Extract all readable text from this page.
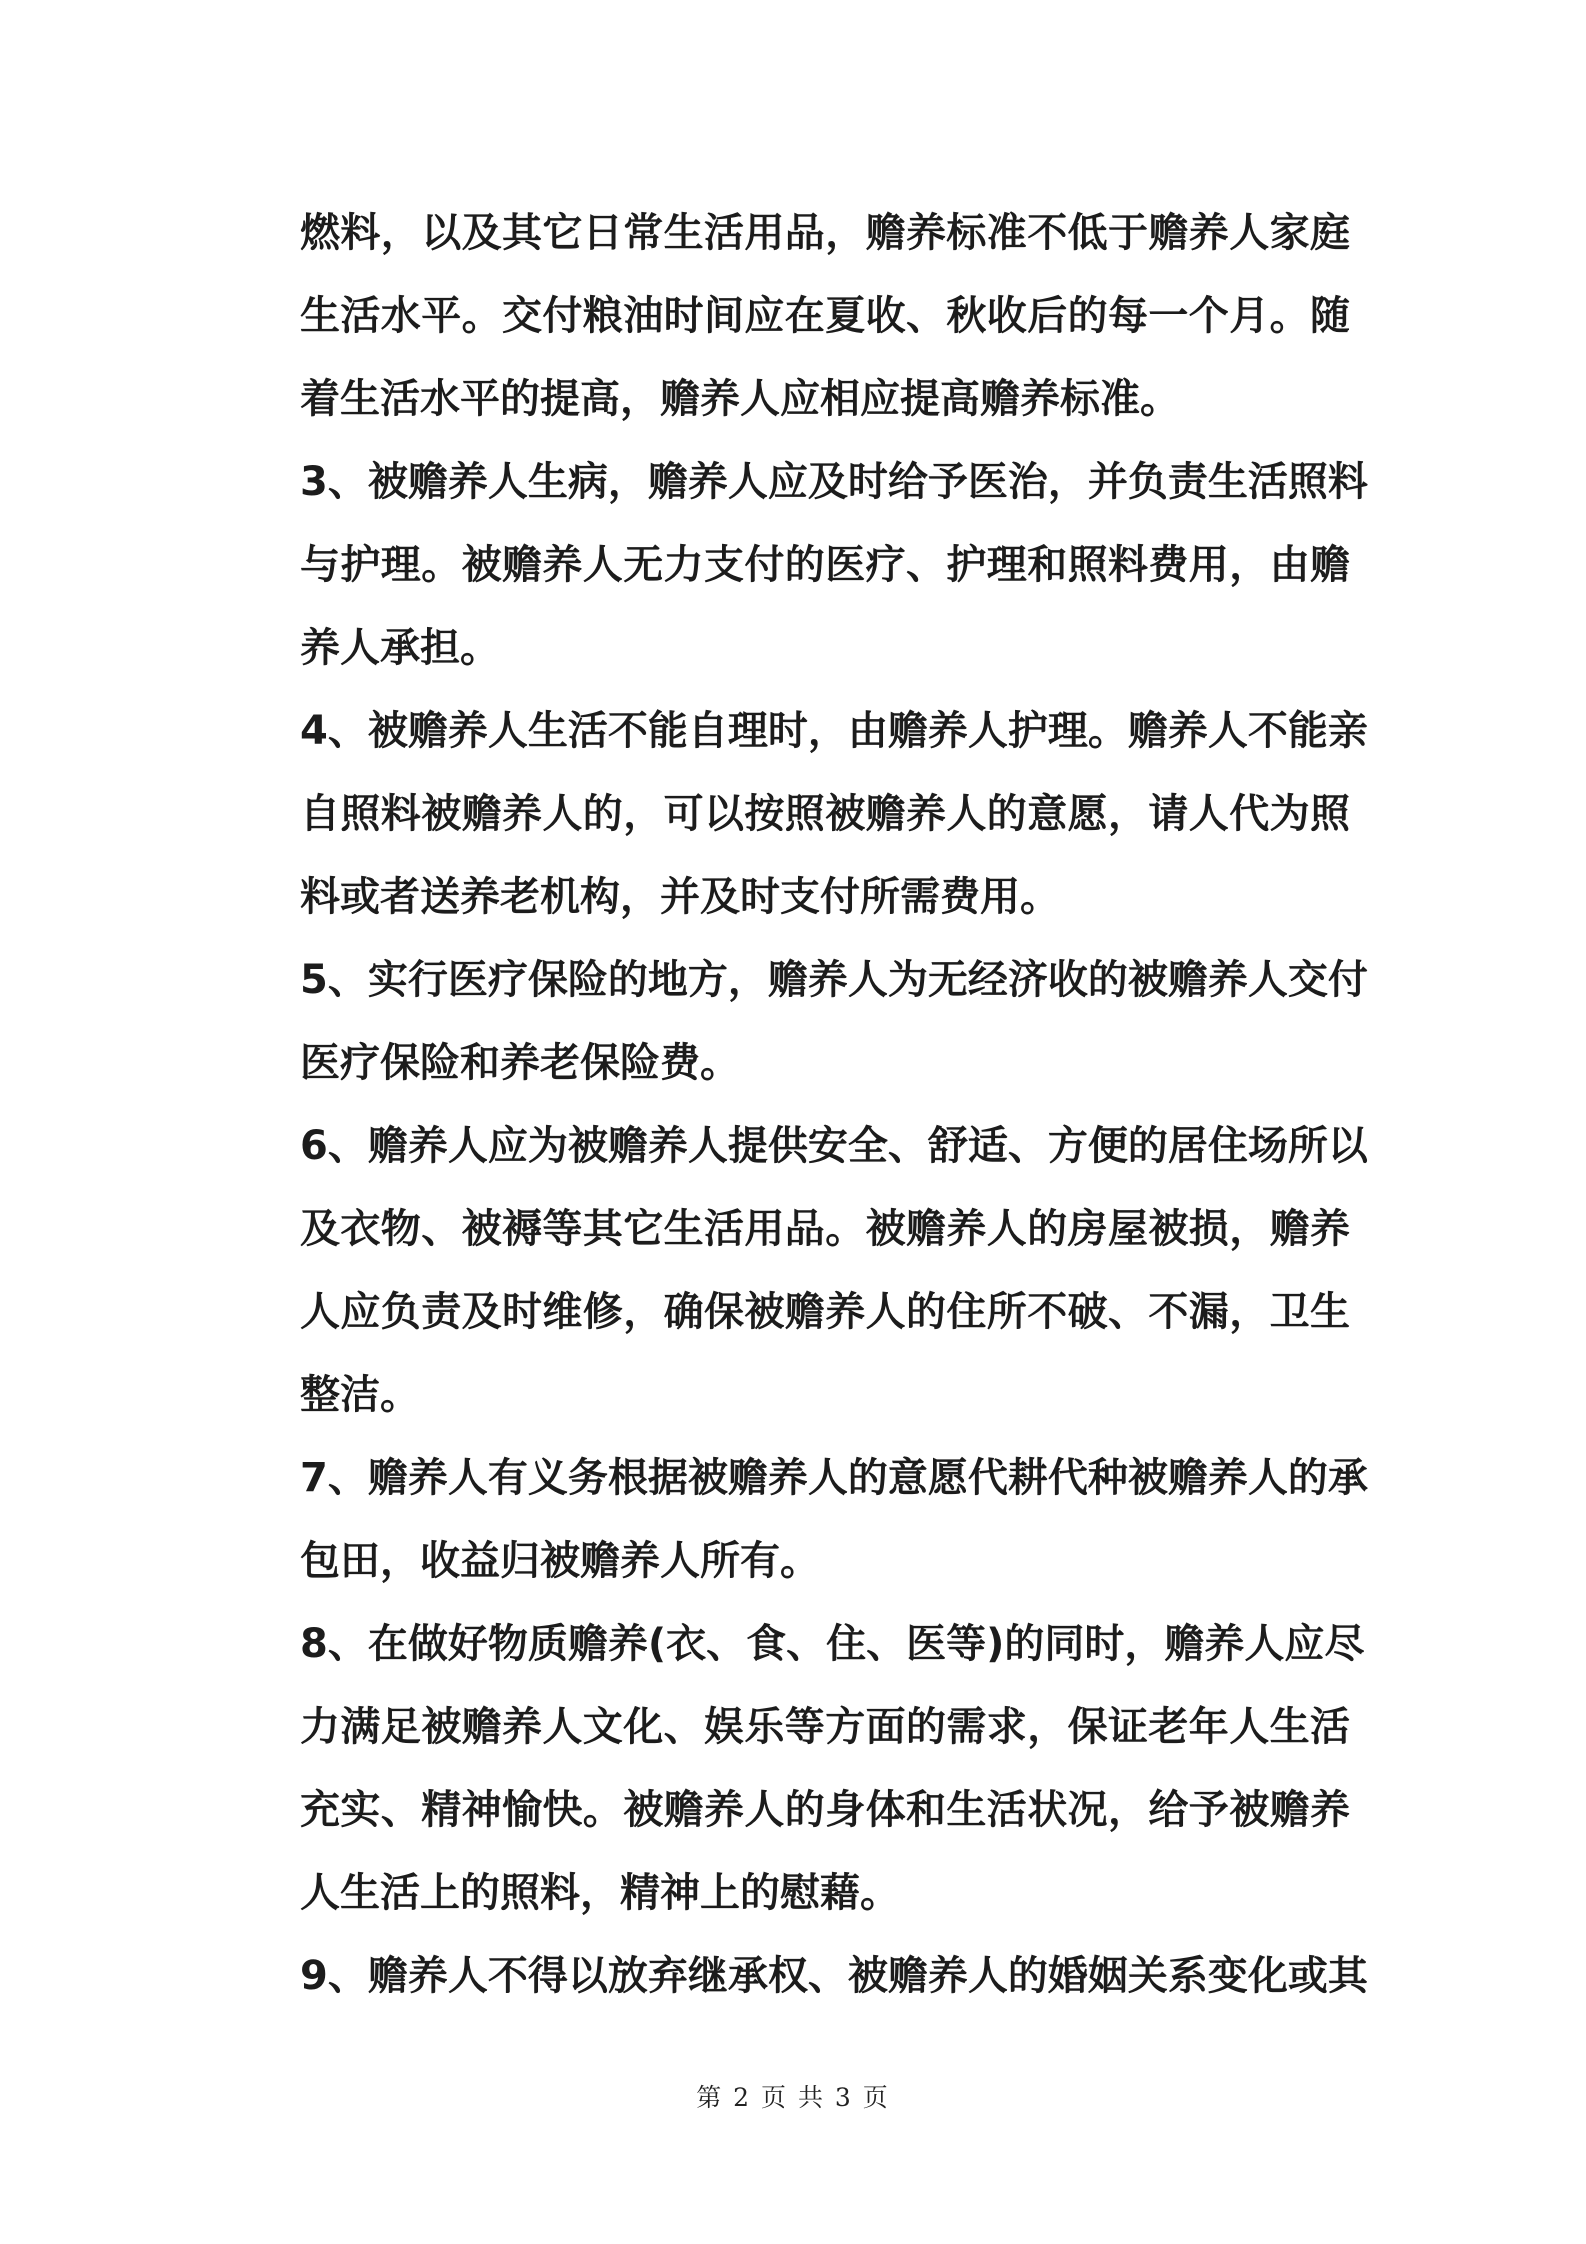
燃料，以及其它日常生活用品，赡养标准不低于赡养人家庭
生活水平。交付粮油时间应在夏收、秋收后的每一个月。随
着生活水平的提高，赡养人应相应提高赡养标准。
3、被赡养人生病，赡养人应及时给予医治，并负责生活照料
与护理。被赡养人无力支付的医疗、护理和照料费用，由赡
养人承担。
4、被赡养人生活不能自理时，由赡养人护理。赡养人不能亲
自照料被赡养人的，可以按照被赡养人的意愿，请人代为照
料或者送养老机构，并及时支付所需费用。
5、实行医疗保险的地方，赡养人为无经济收的被赡养人交付
医疗保险和养老保险费。
6、赡养人应为被赡养人提供安全、舒适、方便的居住场所以
及衣物、被褥等其它生活用品。被赡养人的房屋被损，赡养
人应负责及时维修，确保被赡养人的住所不破、不漏，卫生
整洁。
7、赡养人有义务根据被赡养人的意愿代耕代种被赡养人的承
包田，收益归被赡养人所有。
8、在做好物质赡养(衣、食、住、医等)的同时，赡养人应尽
力满足被赡养人文化、娱乐等方面的需求，保证老年人生活
充实、精神愉快。被赡养人的身体和生活状况，给予被赡养
人生活上的照料，精神上的慰藉。
9、赡养人不得以放弃继承权、被赡养人的婚姻关系变化或其
第 2 页 共 3 页
